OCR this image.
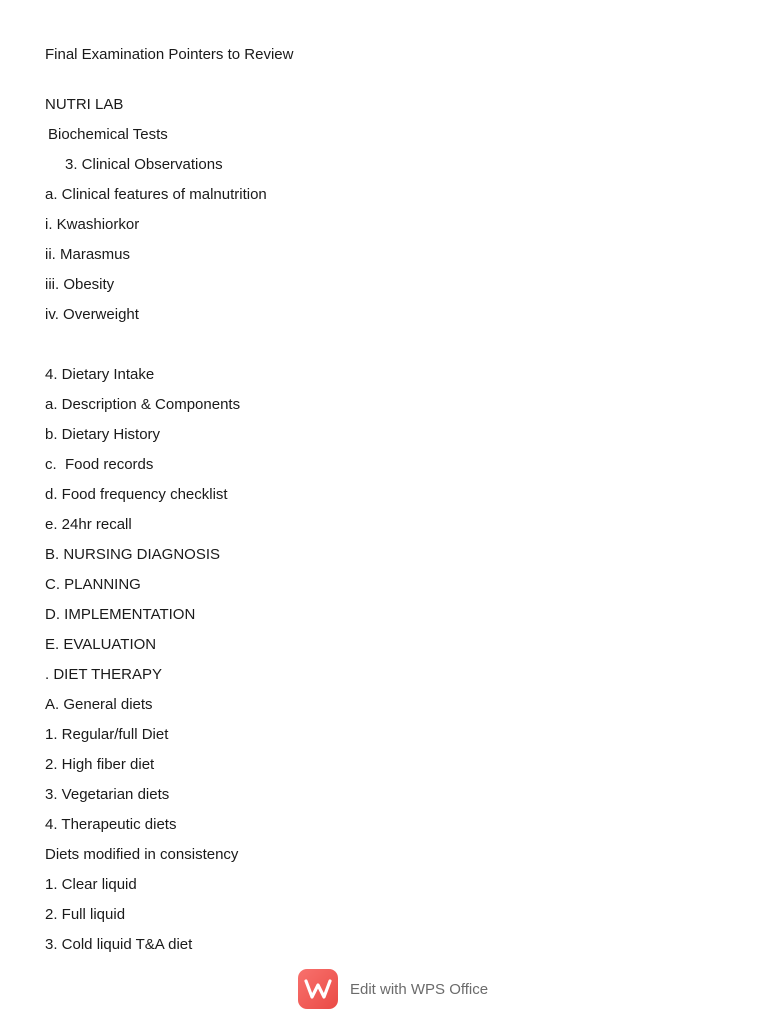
Final Examination Pointers to Review
NUTRI LAB
Biochemical Tests
3. Clinical Observations
a. Clinical features of malnutrition
i. Kwashiorkor
ii. Marasmus
iii. Obesity
iv. Overweight
4. Dietary Intake
a. Description & Components
b. Dietary History
c.  Food records
d. Food frequency checklist
e. 24hr recall
B. NURSING DIAGNOSIS
C. PLANNING
D. IMPLEMENTATION
E. EVALUATION
. DIET THERAPY
A. General diets
1. Regular/full Diet
2. High fiber diet
3. Vegetarian diets
4. Therapeutic diets
Diets modified in consistency
1. Clear liquid
2. Full liquid
3. Cold liquid T&A diet
Edit with WPS Office
